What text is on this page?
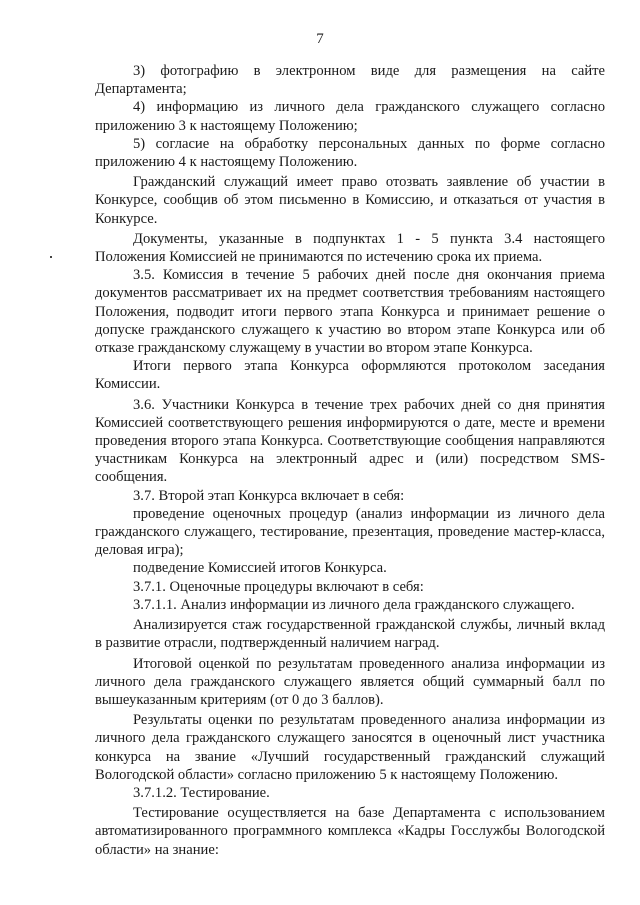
7

3) фотографию в электронном виде для размещения на сайте Департамента;

4) информацию из личного дела гражданского служащего согласно приложению 3 к настоящему Положению;

5) согласие на обработку персональных данных по форме согласно приложению 4 к настоящему Положению.

Гражданский служащий имеет право отозвать заявление об участии в Конкурсе, сообщив об этом письменно в Комиссию, и отказаться от участия в Конкурсе.

Документы, указанные в подпунктах 1 - 5 пункта 3.4 настоящего Положения Комиссией не принимаются по истечению срока их приема.

3.5. Комиссия в течение 5 рабочих дней после дня окончания приема документов рассматривает их на предмет соответствия требованиям настоящего Положения, подводит итоги первого этапа Конкурса и принимает решение о допуске гражданского служащего к участию во втором этапе Конкурса или об отказе гражданскому служащему в участии во втором этапе Конкурса.

Итоги первого этапа Конкурса оформляются протоколом заседания Комиссии.

3.6. Участники Конкурса в течение трех рабочих дней со дня принятия Комиссией соответствующего решения информируются о дате, месте и времени проведения второго этапа Конкурса. Соответствующие сообщения направляются участникам Конкурса на электронный адрес и (или) посредством SMS-сообщения.

3.7. Второй этап Конкурса включает в себя:

проведение оценочных процедур (анализ информации из личного дела гражданского служащего, тестирование, презентация, проведение мастер-класса, деловая игра);

подведение Комиссией итогов Конкурса.

3.7.1. Оценочные процедуры включают в себя:

3.7.1.1. Анализ информации из личного дела гражданского служащего.

Анализируется стаж государственной гражданской службы, личный вклад в развитие отрасли, подтвержденный наличием наград.

Итоговой оценкой по результатам проведенного анализа информации из личного дела гражданского служащего является общий суммарный балл по вышеуказанным критериям (от 0 до 3 баллов).

Результаты оценки по результатам проведенного анализа информации из личного дела гражданского служащего заносятся в оценочный лист участника конкурса на звание «Лучший государственный гражданский служащий Вологодской области» согласно приложению 5 к настоящему Положению.

3.7.1.2. Тестирование.

Тестирование осуществляется на базе Департамента с использованием автоматизированного программного комплекса «Кадры Госслужбы Вологодской области» на знание:
